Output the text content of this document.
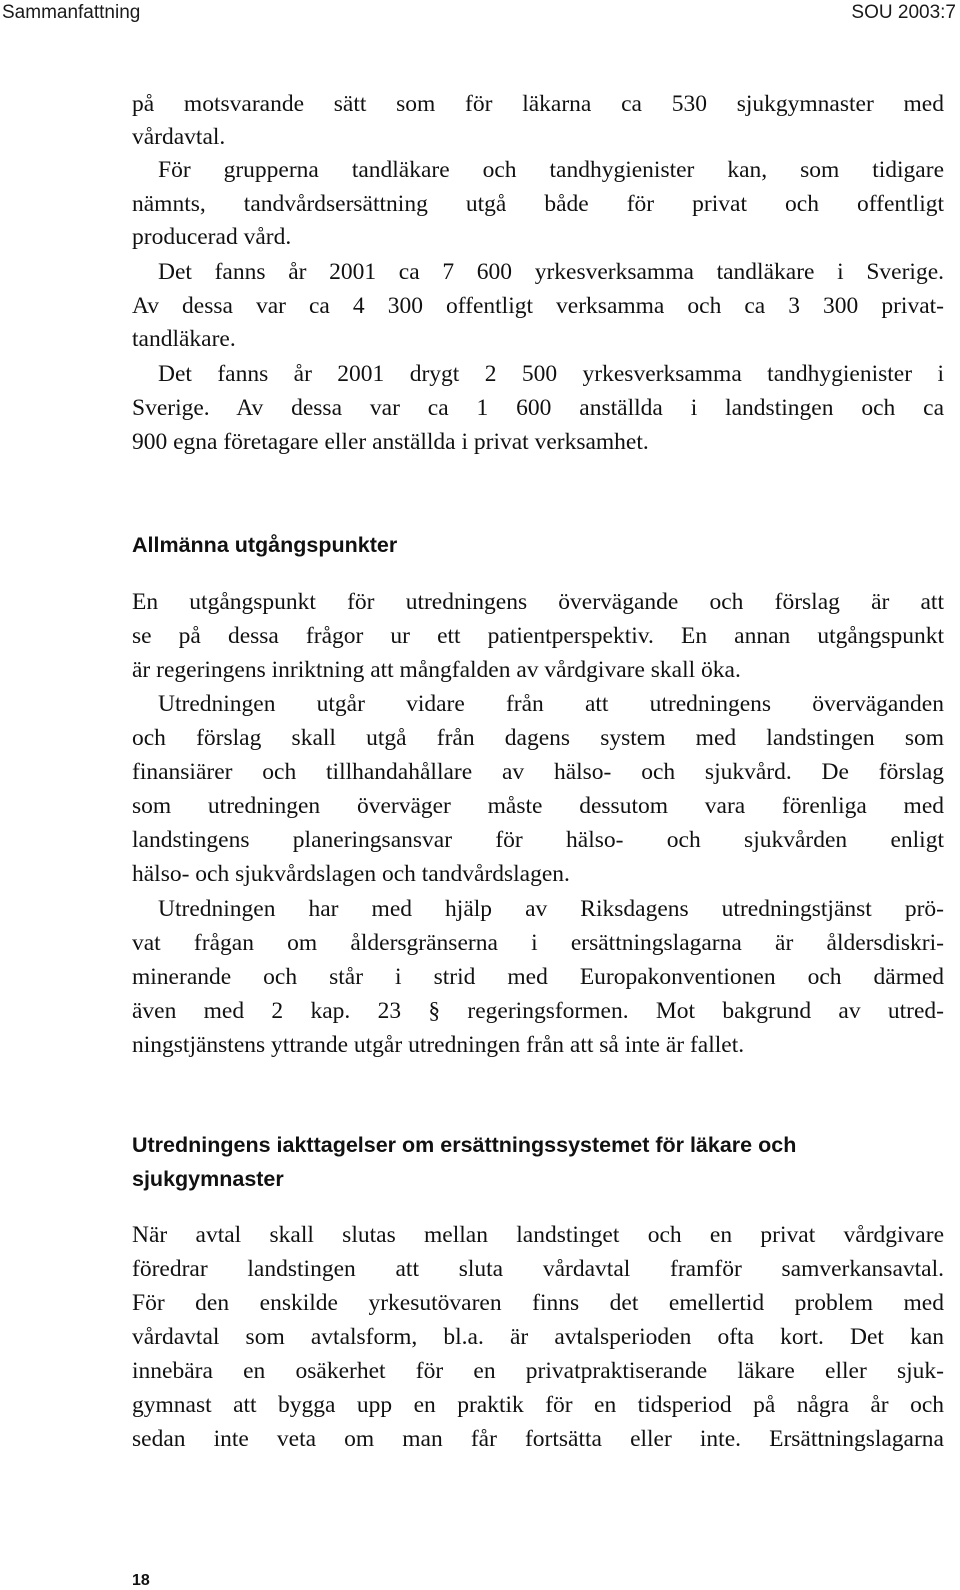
Sammanfattning	SOU 2003:7
på motsvarande sätt som för läkarna ca 530 sjukgymnaster med
vårdavtal.
För grupperna tandläkare och tandhygienister kan, som tidigare
nämnts, tandvårdsersättning utgå både för privat och offentligt
producerad vård.
Det fanns år 2001 ca 7 600 yrkesverksamma tandläkare i Sverige.
Av dessa var ca 4 300 offentligt verksamma och ca 3 300 privat-
tandläkare.
Det fanns år 2001 drygt 2 500 yrkesverksamma tandhygienister i
Sverige. Av dessa var ca 1 600 anställda i landstingen och ca
900 egna företagare eller anställda i privat verksamhet.
Allmänna utgångspunkter
En utgångspunkt för utredningens övervägande och förslag är att
se på dessa frågor ur ett patientperspektiv. En annan utgångspunkt
är regeringens inriktning att mångfalden av vårdgivare skall öka.
Utredningen utgår vidare från att utredningens överväganden
och förslag skall utgå från dagens system med landstingen som
finansiärer och tillhandahållare av hälso- och sjukvård. De förslag
som utredningen överväger måste dessutom vara förenliga med
landstingens planeringsansvar för hälso- och sjukvården enligt
hälso- och sjukvårdslagen och tandvårdslagen.
Utredningen har med hjälp av Riksdagens utredningstjänst prö-
vat frågan om åldersgränserna i ersättningslagarna är åldersdiskri-
minerande och står i strid med Europakonventionen och därmed
även med 2 kap. 23 § regeringsformen. Mot bakgrund av utred-
ningstjänstens yttrande utgår utredningen från att så inte är fallet.
Utredningens iakttagelser om ersättningssystemet för läkare och
sjukgymnaster
När avtal skall slutas mellan landstinget och en privat vårdgivare
föredrar landstingen att sluta vårdavtal framför samverkansavtal.
För den enskilde yrkesutövaren finns det emellertid problem med
vårdavtal som avtalsform, bl.a. är avtalsperioden ofta kort. Det kan
innebära en osäkerhet för en privatpraktiserande läkare eller sjuk-
gymnast att bygga upp en praktik för en tidsperiod på några år och
sedan inte veta om man får fortsätta eller inte. Ersättningslagarna
18
